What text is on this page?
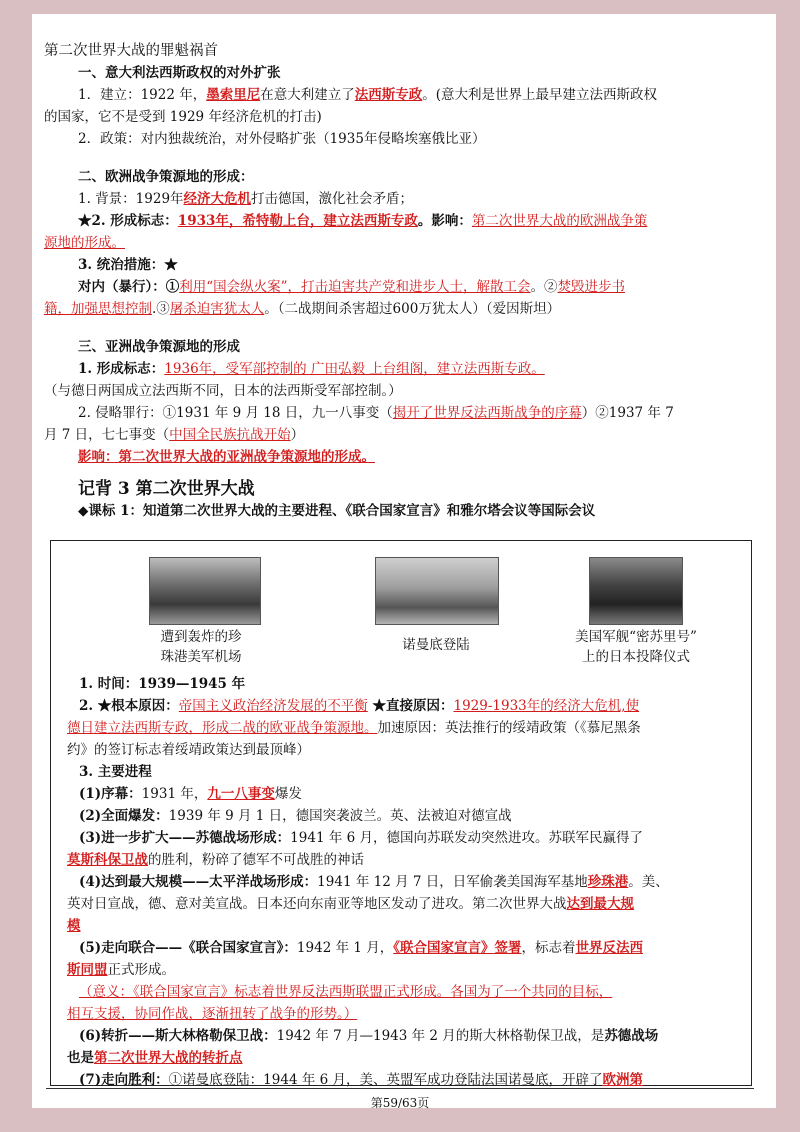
第二次世界大战的罪魁祸首

一、意大利法西斯政权的对外扩张

1．建立：1922 年，墨索里尼在意大利建立了法西斯专政。(意大利是世界上最早建立法西斯政权

的国家，它不是受到 1929 年经济危机的打击)

2．政策：对内独裁统治，对外侵略扩张（1935年侵略埃塞俄比亚）

二、欧洲战争策源地的形成：

1. 背景：1929年经济大危机打击德国，激化社会矛盾；

★2. 形成标志：1933年，希特勒上台，建立法西斯专政。影响：第二次世界大战的欧洲战争策

源地的形成。

3. 统治措施：★

对内（暴行）：①利用“国会纵火案”，打击迫害共产党和进步人士，解散工会。②焚毁进步书

籍，加强思想控制.③屠杀迫害犹太人。（二战期间杀害超过600万犹太人）（爱因斯坦）

三、亚洲战争策源地的形成

1. 形成标志：1936年，受军部控制的 广田弘毅 上台组阁，建立法西斯专政。

（与德日两国成立法西斯不同，日本的法西斯受军部控制。）

2. 侵略罪行：①1931 年 9 月 18 日，九一八事变（揭开了世界反法西斯战争的序幕）②1937 年 7

月 7 日，七七事变（中国全民族抗战开始）

影响：第二次世界大战的亚洲战争策源地的形成。

记背 3 第二次世界大战

◆课标 1：知道第二次世界大战的主要进程、《联合国家宣言》和雅尔塔会议等国际会议

遭到轰炸的珍
珠港美军机场
诺曼底登陆	美国军舰“密苏里号”
上的日本投降仪式

1. 时间：1939—1945 年

2. ★根本原因：帝国主义政治经济发展的不平衡 ★直接原因：1929-1933年的经济大危机,使

德日建立法西斯专政，形成二战的欧亚战争策源地。加速原因：英法推行的绥靖政策（《慕尼黑条

约》的签订标志着绥靖政策达到最顶峰）

3. 主要进程

(1)序幕：1931 年，九一八事变爆发

(2)全面爆发：1939 年 9 月 1 日，德国突袭波兰。英、法被迫对德宣战

(3)进一步扩大——苏德战场形成：1941 年 6 月，德国向苏联发动突然进攻。苏联军民赢得了

莫斯科保卫战的胜利，粉碎了德军不可战胜的神话

(4)达到最大规模——太平洋战场形成：1941 年 12 月 7 日，日军偷袭美国海军基地珍珠港。美、

英对日宣战，德、意对美宣战。日本还向东南亚等地区发动了进攻。第二次世界大战达到最大规

模

(5)走向联合——《联合国家宣言》：1942 年 1 月，《联合国家宣言》签署，标志着世界反法西

斯同盟正式形成。

（意义：《联合国家宣言》标志着世界反法西斯联盟正式形成。各国为了一个共同的目标，

相互支援，协同作战，逐渐扭转了战争的形势。）

(6)转折——斯大林格勒保卫战：1942 年 7 月—1943 年 2 月的斯大林格勒保卫战，是苏德战场

也是第二次世界大战的转折点

(7)走向胜利：①诺曼底登陆：1944 年 6 月，美、英盟军成功登陆法国诺曼底，开辟了欧洲第

第59/63页
